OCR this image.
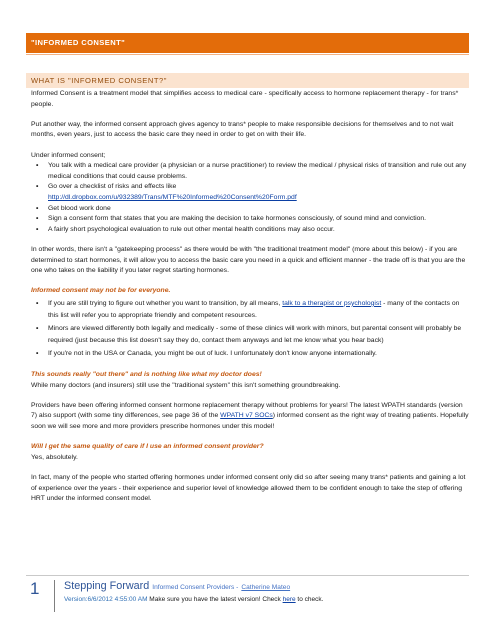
"INFORMED CONSENT"
WHAT IS "INFORMED CONSENT?"

Informed Consent is a treatment model that simplifies access to medical care - specifically access to hormone replacement therapy - for trans* people.

Put another way, the informed consent approach gives agency to trans* people to make responsible decisions for themselves and to not wait months, even years, just to access the basic care they need in order to get on with their life.

Under informed consent;

• You talk with a medical care provider (a physician or a nurse practitioner) to review the medical / physical risks of transition and rule out any medical conditions that could cause problems.
• Go over a checklist of risks and effects like
http://dl.dropbox.com/u/932389/Trans/MTF%20Informed%20Consent%20Form.pdf
• Get blood work done
• Sign a consent form that states that you are making the decision to take hormones consciously, of sound mind and conviction.
• A fairly short psychological evaluation to rule out other mental health conditions may also occur.

In other words, there isn't a "gatekeeping process" as there would be with "the traditional treatment model" (more about this below) - if you are determined to start hormones, it will allow you to access the basic care you need in a quick and efficient manner - the trade off is that you are the one who takes on the liability if you later regret starting hormones.

Informed consent may not be for everyone.

• If you are still trying to figure out whether you want to transition, by all means, talk to a therapist or psychologist - many of the contacts on this list will refer you to appropriate friendly and competent resources.
• Minors are viewed differently both legally and medically - some of these clinics will work with minors, but parental consent will probably be required (just because this list doesn't say they do, contact them anyways and let me know what you hear back)
• If you're not in the USA or Canada, you might be out of luck. I unfortunately don't know anyone internationally.

This sounds really "out there" and is nothing like what my doctor does!
While many doctors (and insurers) still use the "traditional system" this isn't something groundbreaking.

Providers have been offering informed consent hormone replacement therapy without problems for years! The latest WPATH standards (version 7) also support (with some tiny differences, see page 36 of the WPATH v7 SOCs) informed consent as the right way of treating patients. Hopefully soon we will see more and more providers prescribe hormones under this model!

Will I get the same quality of care if I use an informed consent provider?
Yes, absolutely.

In fact, many of the people who started offering hormones under informed consent only did so after seeing many trans* patients and gaining a lot of experience over the years - their experience and superior level of knowledge allowed them to be confident enough to take the step of offering HRT under the informed consent model.

1 Stepping Forward Informed Consent Providers - Catherine Mateo
Version:6/6/2012 4:55:00 AM Make sure you have the latest version! Check here to check.
